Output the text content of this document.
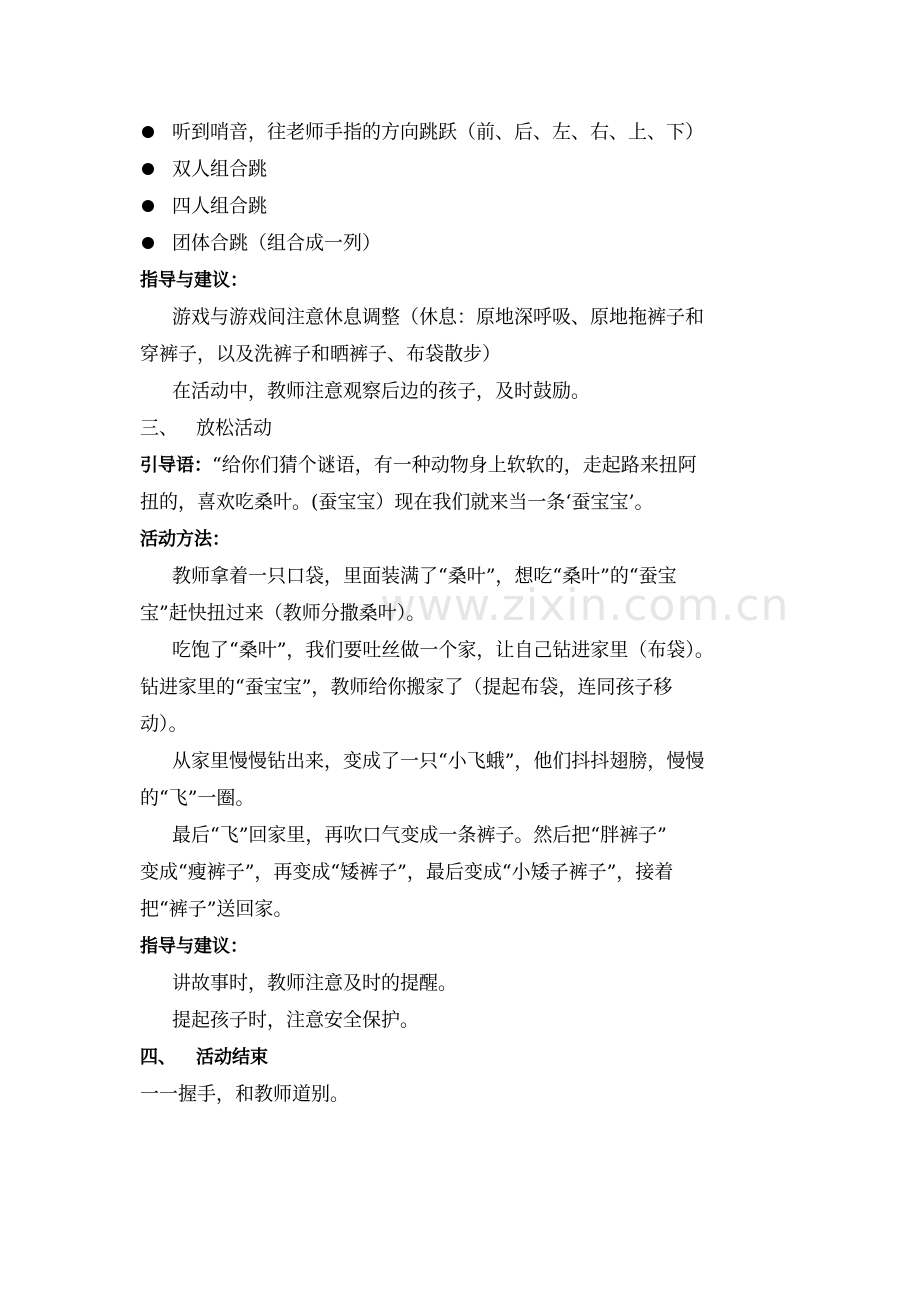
www.zixin.com.cn
听到哨音，往老师手指的方向跳跃（前、后、左、右、上、下）
双人组合跳
四人组合跳
团体合跳（组合成一列）
指导与建议：
游戏与游戏间注意休息调整（休息：原地深呼吸、原地拖裤子和
穿裤子，以及洗裤子和晒裤子、布袋散步）
在活动中，教师注意观察后边的孩子，及时鼓励。
三、 放松活动
引导语：“给你们猜个谜语，有一种动物身上软软的，走起路来扭阿
扭的，喜欢吃桑叶。(蚕宝宝）现在我们就来当一条‘蚕宝宝’。
活动方法：
教师拿着一只口袋，里面装满了“桑叶”，想吃“桑叶”的“蚕宝
宝”赶快扭过来（教师分撒桑叶）。
吃饱了“桑叶”，我们要吐丝做一个家，让自己钻进家里（布袋）。
钻进家里的“蚕宝宝”，教师给你搬家了（提起布袋，连同孩子移
动）。
从家里慢慢钻出来，变成了一只“小飞蛾”，他们抖抖翅膀，慢慢
的“飞”一圈。
最后“飞”回家里，再吹口气变成一条裤子。然后把“胖裤子”
变成“瘦裤子”，再变成“矮裤子”，最后变成“小矮子裤子”，接着
把“裤子”送回家。
指导与建议：
讲故事时，教师注意及时的提醒。
提起孩子时，注意安全保护。
四、 活动结束
一一握手，和教师道别。
